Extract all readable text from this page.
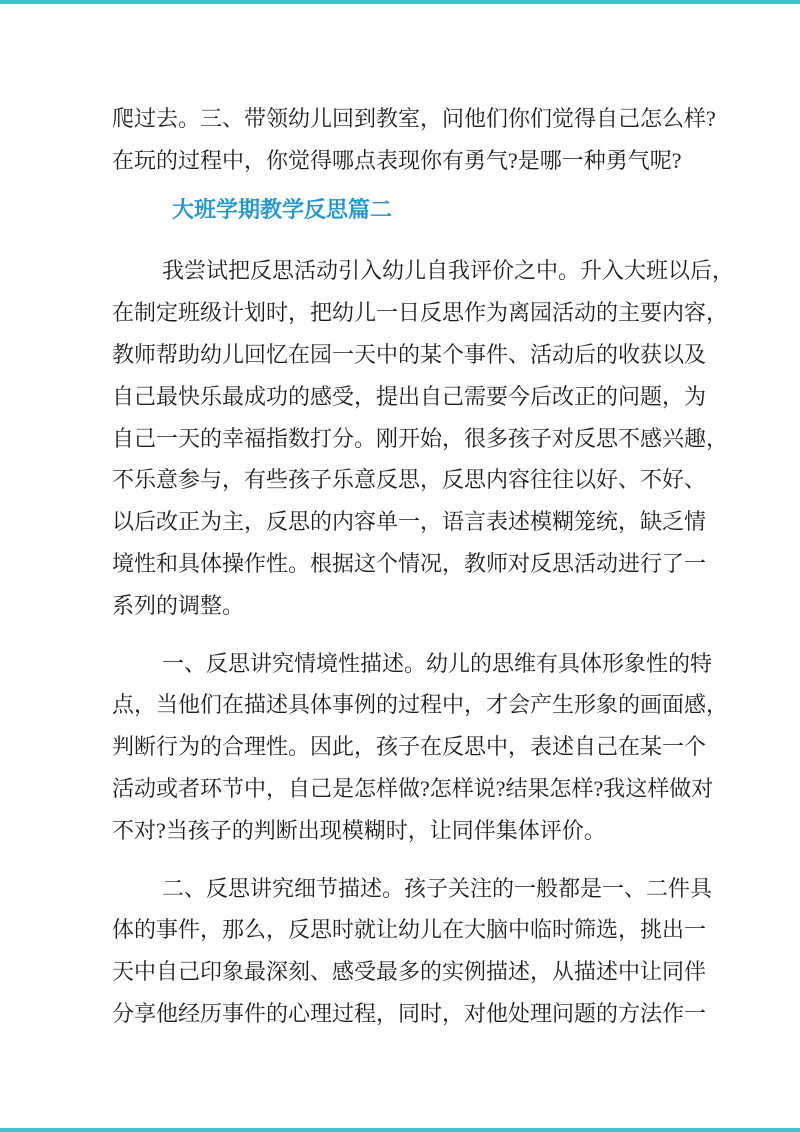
爬过去。三、带领幼儿回到教室，问他们你们觉得自己怎么样?
在玩的过程中，你觉得哪点表现你有勇气?是哪一种勇气呢?
大班学期教学反思篇二
我尝试把反思活动引入幼儿自我评价之中。升入大班以后，
在制定班级计划时，把幼儿一日反思作为离园活动的主要内容，
教师帮助幼儿回忆在园一天中的某个事件、活动后的收获以及
自己最快乐最成功的感受，提出自己需要今后改正的问题，为
自己一天的幸福指数打分。刚开始，很多孩子对反思不感兴趣，
不乐意参与，有些孩子乐意反思，反思内容往往以好、不好、
以后改正为主，反思的内容单一，语言表述模糊笼统，缺乏情
境性和具体操作性。根据这个情况，教师对反思活动进行了一
系列的调整。
一、反思讲究情境性描述。幼儿的思维有具体形象性的特
点，当他们在描述具体事例的过程中，才会产生形象的画面感，
判断行为的合理性。因此，孩子在反思中，表述自己在某一个
活动或者环节中，自己是怎样做?怎样说?结果怎样?我这样做对
不对?当孩子的判断出现模糊时，让同伴集体评价。
二、反思讲究细节描述。孩子关注的一般都是一、二件具
体的事件，那么，反思时就让幼儿在大脑中临时筛选，挑出一
天中自己印象最深刻、感受最多的实例描述，从描述中让同伴
分享他经历事件的心理过程，同时，对他处理问题的方法作一
